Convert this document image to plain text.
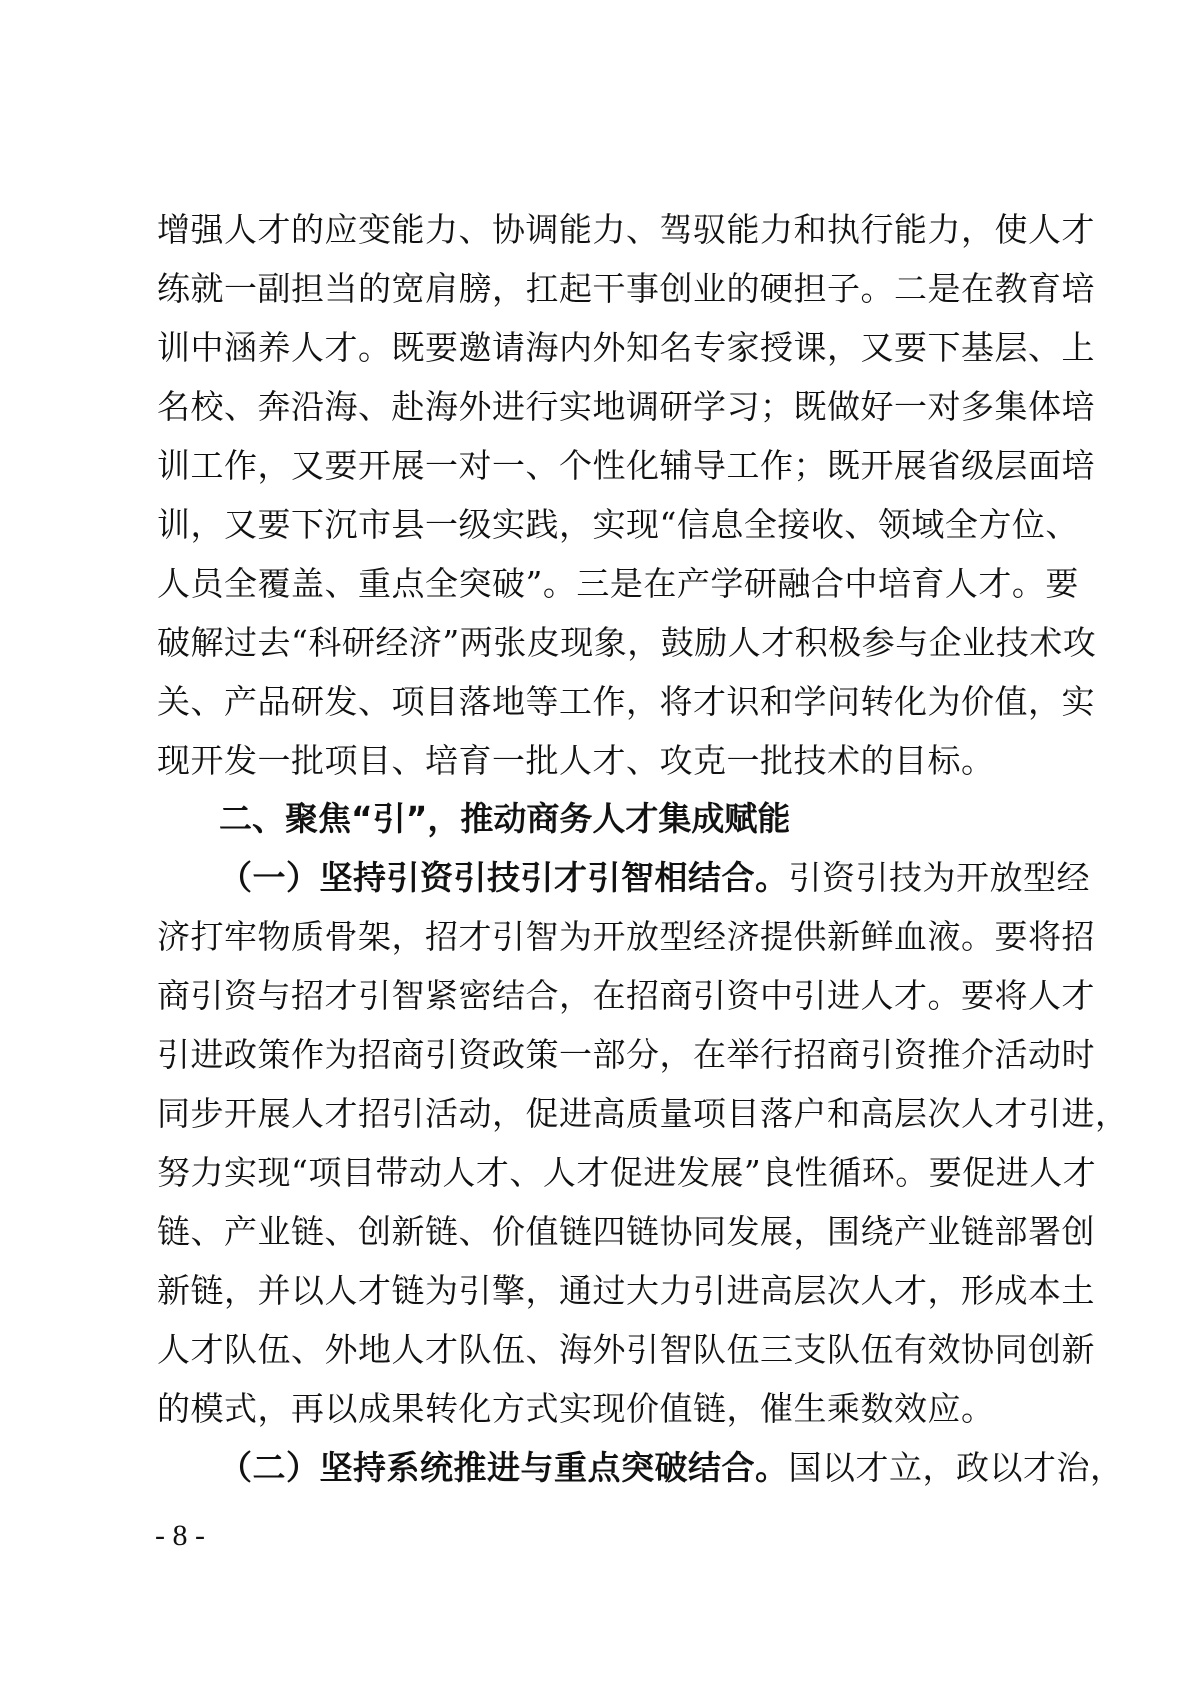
增强人才的应变能力、协调能力、驾驭能力和执行能力，使人才
练就一副担当的宽肩膀，扛起干事创业的硬担子。二是在教育培
训中涵养人才。既要邀请海内外知名专家授课，又要下基层、上
名校、奔沿海、赴海外进行实地调研学习；既做好一对多集体培
训工作，又要开展一对一、个性化辅导工作；既开展省级层面培
训，又要下沉市县一级实践，实现“信息全接收、领域全方位、
人员全覆盖、重点全突破”。三是在产学研融合中培育人才。要
破解过去“科研经济”两张皮现象，鼓励人才积极参与企业技术攻
关、产品研发、项目落地等工作，将才识和学问转化为价值，实
现开发一批项目、培育一批人才、攻克一批技术的目标。
二、聚焦“引”，推动商务人才集成赋能
（一）坚持引资引技引才引智相结合。引资引技为开放型经
济打牢物质骨架，招才引智为开放型经济提供新鲜血液。要将招
商引资与招才引智紧密结合，在招商引资中引进人才。要将人才
引进政策作为招商引资政策一部分，在举行招商引资推介活动时
同步开展人才招引活动，促进高质量项目落户和高层次人才引进，
努力实现“项目带动人才、人才促进发展”良性循环。要促进人才
链、产业链、创新链、价值链四链协同发展，围绕产业链部署创
新链，并以人才链为引擎，通过大力引进高层次人才，形成本土
人才队伍、外地人才队伍、海外引智队伍三支队伍有效协同创新
的模式，再以成果转化方式实现价值链，催生乘数效应。
（二）坚持系统推进与重点突破结合。国以才立，政以才治，
- 8 -
